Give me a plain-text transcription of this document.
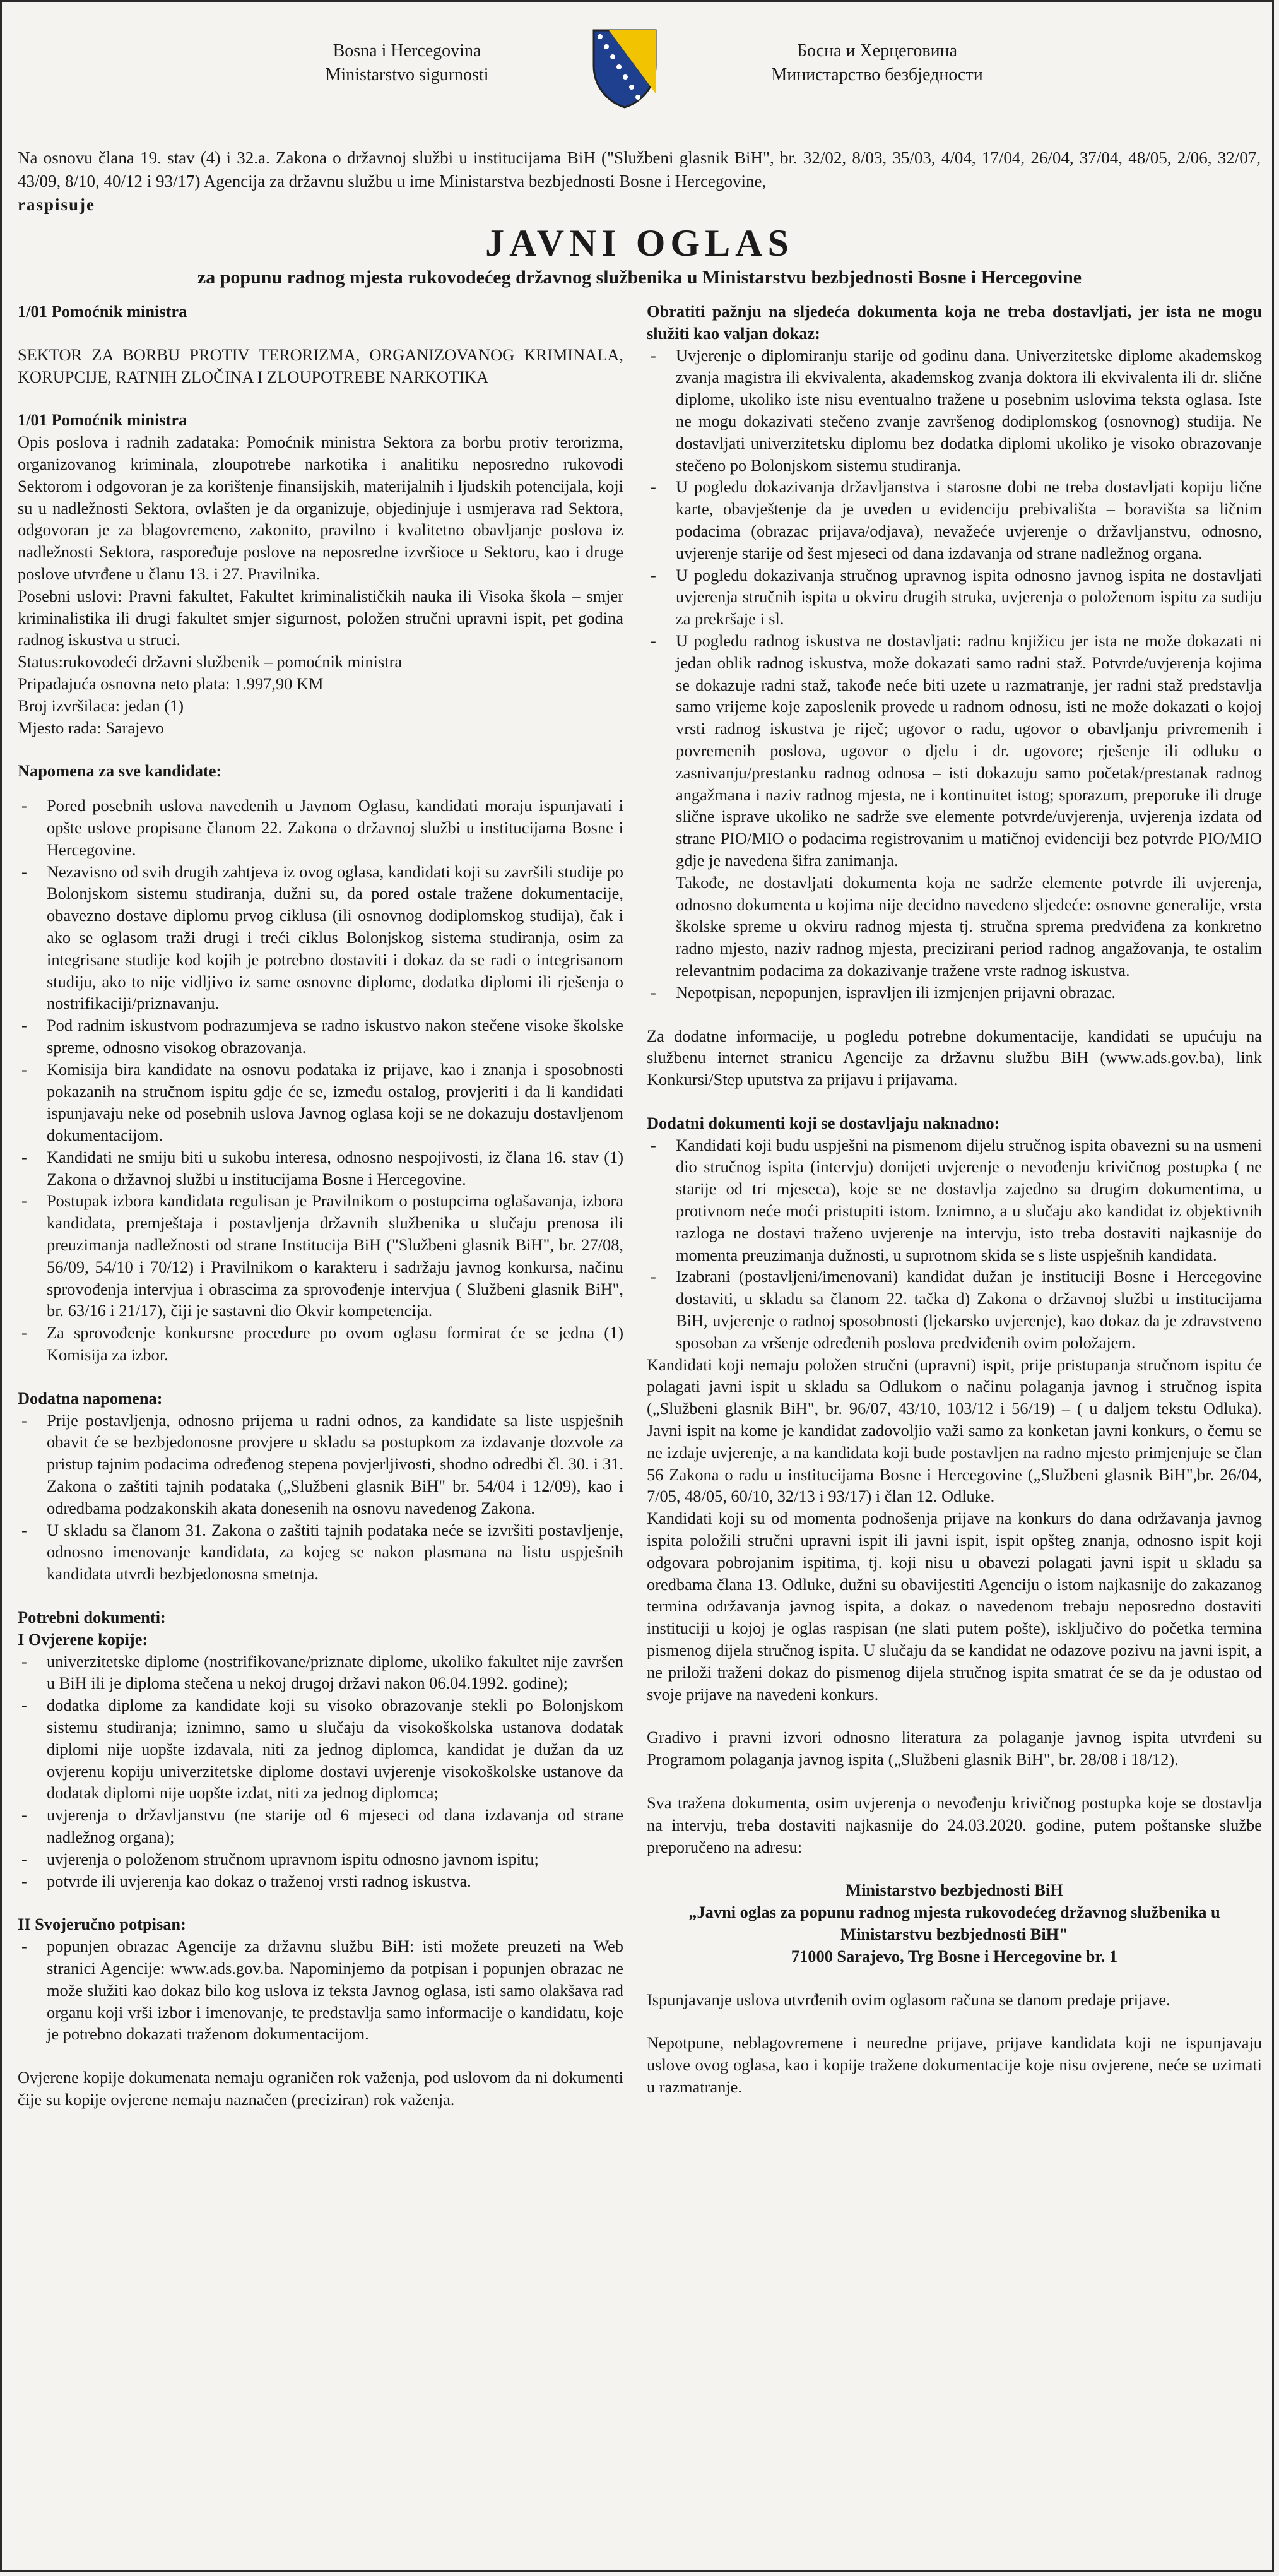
Bosna i Hercegovina
Ministarstvo sigurnosti
Босна и Херцеговина
Министарство безбједности
Na osnovu člana 19. stav (4) i 32.a. Zakona o državnoj službi u institucijama BiH ("Službeni glasnik BiH", br. 32/02, 8/03, 35/03, 4/04, 17/04, 26/04, 37/04, 48/05, 2/06, 32/07, 43/09, 8/10, 40/12 i 93/17) Agencija za državnu službu u ime Ministarstva bezbjednosti Bosne i Hercegovine,
raspisuje
JAVNI OGLAS
za popunu radnog mjesta rukovodećeg državnog službenika u Ministarstvu bezbjednosti Bosne i Hercegovine

1/01 Pomoćnik ministra

SEKTOR ZA BORBU PROTIV TERORIZMA, ORGANIZOVANOG KRIMINALA, KORUPCIJE, RATNIH ZLOČINA I ZLOUPOTREBE NARKOTIKA

1/01 Pomoćnik ministra

Opis poslova i radnih zadataka: Pomoćnik ministra Sektora za borbu protiv terorizma, organizovanog kriminala, zloupotrebe narkotika i analitiku neposredno rukovodi Sektorom i odgovoran je za korištenje finansijskih, materijalnih i ljudskih potencijala, koji su u nadležnosti Sektora, ovlašten je da organizuje, objedinjuje i usmjerava rad Sektora, odgovoran je za blagovremeno, zakonito, pravilno i kvalitetno obavljanje poslova iz nadležnosti Sektora, raspoređuje poslove na neposredne izvršioce u Sektoru, kao i druge poslove utvrđene u članu 13. i 27. Pravilnika.

Posebni uslovi: Pravni fakultet, Fakultet kriminalističkih nauka ili Visoka škola – smjer kriminalistika ili drugi fakultet smjer sigurnost, položen stručni upravni ispit, pet godina radnog iskustva u struci.

Status:rukovodeći državni službenik – pomoćnik ministra

Pripadajuća osnovna neto plata: 1.997,90 KM

Broj izvršilaca: jedan (1)

Mjesto rada: Sarajevo

Napomena za sve kandidate:

- Pored posebnih uslova navedenih u Javnom Oglasu, kandidati moraju ispunjavati i opšte uslove propisane članom 22. Zakona o državnoj službi u institucijama Bosne i Hercegovine.

- Nezavisno od svih drugih zahtjeva iz ovog oglasa, kandidati koji su završili studije po Bolonjskom sistemu studiranja, dužni su, da pored ostale tražene dokumentacije, obavezno dostave diplomu prvog ciklusa (ili osnovnog dodiplomskog studija), čak i ako se oglasom traži drugi i treći ciklus Bolonjskog sistema studiranja, osim za integrisane studije kod kojih je potrebno dostaviti i dokaz da se radi o integrisanom studiju, ako to nije vidljivo iz same osnovne diplome, dodatka diplomi ili rješenja o nostrifikaciji/priznavanju.

- Pod radnim iskustvom podrazumjeva se radno iskustvo nakon stečene visoke školske spreme, odnosno visokog obrazovanja.

- Komisija bira kandidate na osnovu podataka iz prijave, kao i znanja i sposobnosti pokazanih na stručnom ispitu gdje će se, između ostalog, provjeriti i da li kandidati ispunjavaju neke od posebnih uslova Javnog oglasa koji se ne dokazuju dostavljenom dokumentacijom.

- Kandidati ne smiju biti u sukobu interesa, odnosno nespojivosti, iz člana 16. stav (1) Zakona o državnoj službi u institucijama Bosne i Hercegovine.

- Postupak izbora kandidata regulisan je Pravilnikom o postupcima oglašavanja, izbora kandidata, premještaja i postavljenja državnih službenika u slučaju prenosa ili preuzimanja nadležnosti od strane Institucija BiH ("Službeni glasnik BiH", br. 27/08, 56/09, 54/10 i 70/12) i Pravilnikom o karakteru i sadržaju javnog konkursa, načinu sprovođenja intervjua i obrascima za sprovođenje intervjua ( Službeni glasnik BiH", br. 63/16 i 21/17), čiji je sastavni dio Okvir kompetencija.

- Za sprovođenje konkursne procedure po ovom oglasu formirat će se jedna (1) Komisija za izbor.

Dodatna napomena:

- Prije postavljenja, odnosno prijema u radni odnos, za kandidate sa liste uspješnih obavit će se bezbjedonosne provjere u skladu sa postupkom za izdavanje dozvole za pristup tajnim podacima određenog stepena povjerljivosti, shodno odredbi čl. 30. i 31. Zakona o zaštiti tajnih podataka („Službeni glasnik BiH" br. 54/04 i 12/09), kao i odredbama podzakonskih akata donesenih na osnovu navedenog Zakona.

- U skladu sa članom 31. Zakona o zaštiti tajnih podataka neće se izvršiti postavljenje, odnosno imenovanje kandidata, za kojeg se nakon plasmana na listu uspješnih kandidata utvrdi bezbjedonosna smetnja.

Potrebni dokumenti:

I Ovjerene kopije:

- univerzitetske diplome (nostrifikovane/priznate diplome, ukoliko fakultet nije završen u BiH ili je diploma stečena u nekoj drugoj državi nakon 06.04.1992. godine);

- dodatka diplome za kandidate koji su visoko obrazovanje stekli po Bolonjskom sistemu studiranja; iznimno, samo u slučaju da visokoškolska ustanova dodatak diplomi nije uopšte izdavala, niti za jednog diplomca, kandidat je dužan da uz ovjerenu kopiju univerzitetske diplome dostavi uvjerenje visokoškolske ustanove da dodatak diplomi nije uopšte izdat, niti za jednog diplomca;

- uvjerenja o državljanstvu (ne starije od 6 mjeseci od dana izdavanja od strane nadležnog organa);

- uvjerenja o položenom stručnom upravnom ispitu odnosno javnom ispitu;

- potvrde ili uvjerenja kao dokaz o traženoj vrsti radnog iskustva.

II Svojeručno potpisan:

- popunjen obrazac Agencije za državnu službu BiH: isti možete preuzeti na Web stranici Agencije: www.ads.gov.ba. Napominjemo da potpisan i popunjen obrazac ne može služiti kao dokaz bilo kog uslova iz teksta Javnog oglasa, isti samo olakšava rad organu koji vrši izbor i imenovanje, te predstavlja samo informacije o kandidatu, koje je potrebno dokazati traženom dokumentacijom.

Ovjerene kopije dokumenata nemaju ograničen rok važenja, pod uslovom da ni dokumenti čije su kopije ovjerene nemaju naznačen (preciziran) rok važenja.

Obratiti pažnju na sljedeća dokumenta koja ne treba dostavljati, jer ista ne mogu služiti kao valjan dokaz:

- Uvjerenje o diplomiranju starije od godinu dana. Univerzitetske diplome akademskog zvanja magistra ili ekvivalenta, akademskog zvanja doktora ili ekvivalenta ili dr. slične diplome, ukoliko iste nisu eventualno tražene u posebnim uslovima teksta oglasa. Iste ne mogu dokazivati stečeno zvanje završenog dodiplomskog (osnovnog) studija. Ne dostavljati univerzitetsku diplomu bez dodatka diplomi ukoliko je visoko obrazovanje stečeno po Bolonjskom sistemu studiranja.

- U pogledu dokazivanja državljanstva i starosne dobi ne treba dostavljati kopiju lične karte, obavještenje da je uveden u evidenciju prebivališta – boravišta sa ličnim podacima (obrazac prijava/odjava), nevažeće uvjerenje o državljanstvu, odnosno, uvjerenje starije od šest mjeseci od dana izdavanja od strane nadležnog organa.

- U pogledu dokazivanja stručnog upravnog ispita odnosno javnog ispita ne dostavljati uvjerenja stručnih ispita u okviru drugih struka, uvjerenja o položenom ispitu za sudiju za prekršaje i sl.

- U pogledu radnog iskustva ne dostavljati: radnu knjižicu jer ista ne može dokazati ni jedan oblik radnog iskustva, može dokazati samo radni staž. Potvrde/uvjerenja kojima se dokazuje radni staž, takođe neće biti uzete u razmatranje, jer radni staž predstavlja samo vrijeme koje zaposlenik provede u radnom odnosu, isti ne može dokazati o kojoj vrsti radnog iskustva je riječ; ugovor o radu, ugovor o obavljanju privremenih i povremenih poslova, ugovor o djelu i dr. ugovore; rješenje ili odluku o zasnivanju/prestanku radnog odnosa – isti dokazuju samo početak/prestanak radnog angažmana i naziv radnog mjesta, ne i kontinuitet istog; sporazum, preporuke ili druge slične isprave ukoliko ne sadrže sve elemente potvrde/uvjerenja, uvjerenja izdata od strane PIO/MIO o podacima registrovanim u matičnoj evidenciji bez potvrde PIO/MIO gdje je navedena šifra zanimanja.

Takođe, ne dostavljati dokumenta koja ne sadrže elemente potvrde ili uvjerenja, odnosno dokumenta u kojima nije decidno navedeno sljedeće: osnovne generalije, vrsta školske spreme u okviru radnog mjesta tj. stručna sprema predviđena za konkretno radno mjesto, naziv radnog mjesta, precizirani period radnog angažovanja, te ostalim relevantnim podacima za dokazivanje tražene vrste radnog iskustva.

- Nepotpisan, nepopunjen, ispravljen ili izmjenjen prijavni obrazac.

Za dodatne informacije, u pogledu potrebne dokumentacije, kandidati se upućuju na službenu internet stranicu Agencije za državnu službu BiH (www.ads.gov.ba), link Konkursi/Step uputstva za prijavu i prijavama.

Dodatni dokumenti koji se dostavljaju naknadno:

- Kandidati koji budu uspješni na pismenom dijelu stručnog ispita obavezni su na usmeni dio stručnog ispita (intervju) donijeti uvjerenje o nevođenju krivičnog postupka ( ne starije od tri mjeseca), koje se ne dostavlja zajedno sa drugim dokumentima, u protivnom neće moći pristupiti istom. Iznimno, a u slučaju ako kandidat iz objektivnih razloga ne dostavi traženo uvjerenje na intervju, isto treba dostaviti najkasnije do momenta preuzimanja dužnosti, u suprotnom skida se s liste uspješnih kandidata.

- Izabrani (postavljeni/imenovani) kandidat dužan je instituciji Bosne i Hercegovine dostaviti, u skladu sa članom 22. tačka d) Zakona o državnoj službi u institucijama BiH, uvjerenje o radnoj sposobnosti (ljekarsko uvjerenje), kao dokaz da je zdravstveno sposoban za vršenje određenih poslova predviđenih ovim položajem.

Kandidati koji nemaju položen stručni (upravni) ispit, prije pristupanja stručnom ispitu će polagati javni ispit u skladu sa Odlukom o načinu polaganja javnog i stručnog ispita („Službeni glasnik BiH", br. 96/07, 43/10, 103/12 i 56/19) – ( u daljem tekstu Odluka). Javni ispit na kome je kandidat zadovoljio važi samo za konketan javni konkurs, o čemu se ne izdaje uvjerenje, a na kandidata koji bude postavljen na radno mjesto primjenjuje se član 56 Zakona o radu u institucijama Bosne i Hercegovine („Službeni glasnik BiH",br. 26/04, 7/05, 48/05, 60/10, 32/13 i 93/17) i član 12. Odluke.

Kandidati koji su od momenta podnošenja prijave na konkurs do dana održavanja javnog ispita položili stručni upravni ispit ili javni ispit, ispit opšteg znanja, odnosno ispit koji odgovara pobrojanim ispitima, tj. koji nisu u obavezi polagati javni ispit u skladu sa oredbama člana 13. Odluke, dužni su obavijestiti Agenciju o istom najkasnije do zakazanog termina održavanja javnog ispita, a dokaz o navedenom trebaju neposredno dostaviti instituciji u kojoj je oglas raspisan (ne slati putem pošte), isključivo do početka termina pismenog dijela stručnog ispita. U slučaju da se kandidat ne odazove pozivu na javni ispit, a ne priloži traženi dokaz do pismenog dijela stručnog ispita smatrat će se da je odustao od svoje prijave na navedeni konkurs.

Gradivo i pravni izvori odnosno literatura za polaganje javnog ispita utvrđeni su Programom polaganja javnog ispita („Službeni glasnik BiH", br. 28/08 i 18/12).

Sva tražena dokumenta, osim uvjerenja o nevođenju krivičnog postupka koje se dostavlja na intervju, treba dostaviti najkasnije do 24.03.2020. godine, putem poštanske službe preporučeno na adresu:

Ministarstvo bezbjednosti BiH

„Javni oglas za popunu radnog mjesta rukovodećeg državnog službenika u Ministarstvu bezbjednosti BiH"

71000 Sarajevo, Trg Bosne i Hercegovine br. 1

Ispunjavanje uslova utvrđenih ovim oglasom računa se danom predaje prijave.

Nepotpune, neblagovremene i neuredne prijave, prijave kandidata koji ne ispunjavaju uslove ovog oglasa, kao i kopije tražene dokumentacije koje nisu ovjerene, neće se uzimati u razmatranje.
